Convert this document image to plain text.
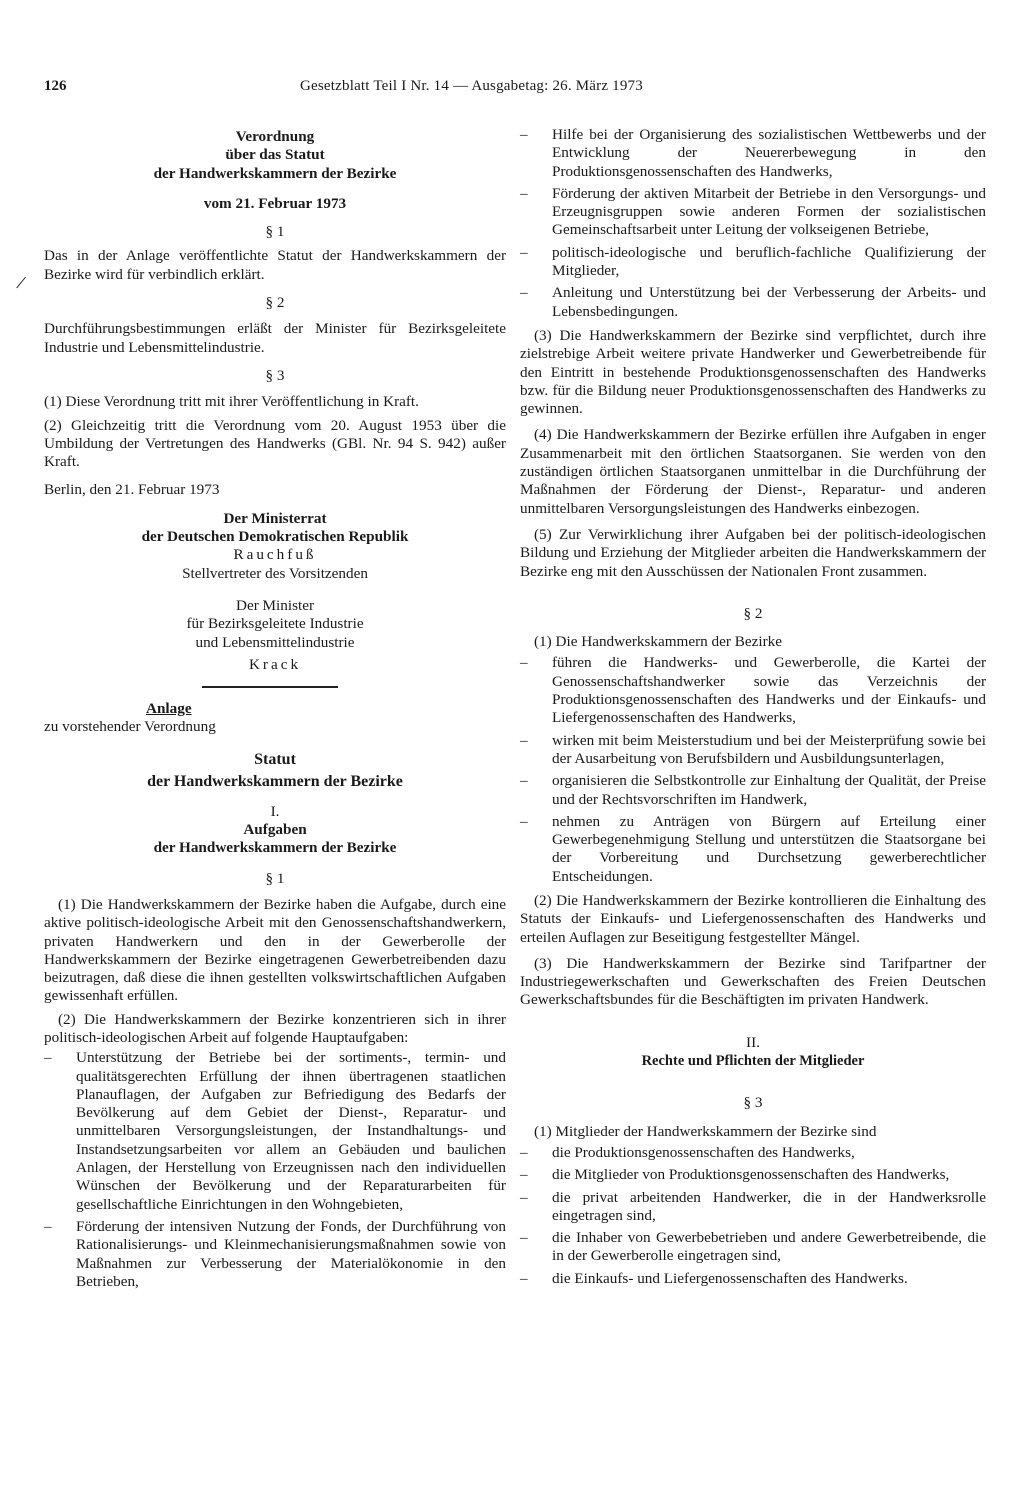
126	Gesetzblatt Teil I Nr. 14 — Ausgabetag: 26. März 1973
/
Verordnung
über das Statut
der Handwerkskammern der Bezirke
vom 21. Februar 1973
§ 1

Das in der Anlage veröffentlichte Statut der Handwerkskammern der Bezirke wird für verbindlich erklärt.

§ 2

Durchführungsbestimmungen erläßt der Minister für Bezirksgeleitete Industrie und Lebensmittelindustrie.

§ 3

(1) Diese Verordnung tritt mit ihrer Veröffentlichung in Kraft.

(2) Gleichzeitig tritt die Verordnung vom 20. August 1953 über die Umbildung der Vertretungen des Handwerks (GBl. Nr. 94 S. 942) außer Kraft.

Berlin, den 21. Februar 1973

Der Ministerrat
der Deutschen Demokratischen Republik
Rauchfuß
Stellvertreter des Vorsitzenden
Der Minister
für Bezirksgeleitete Industrie
und Lebensmittelindustrie
Krack
Anlage
zu vorstehender Verordnung
Statut
der Handwerkskammern der Bezirke
I.
Aufgaben
der Handwerkskammern der Bezirke
§ 1

(1) Die Handwerkskammern der Bezirke haben die Aufgabe, durch eine aktive politisch-ideologische Arbeit mit den Genossenschaftshandwerkern, privaten Handwerkern und den in der Gewerberolle der Handwerkskammern der Bezirke eingetragenen Gewerbetreibenden dazu beizutragen, daß diese die ihnen gestellten volkswirtschaftlichen Aufgaben gewissenhaft erfüllen.

(2) Die Handwerkskammern der Bezirke konzentrieren sich in ihrer politisch-ideologischen Arbeit auf folgende Hauptaufgaben:

– Unterstützung der Betriebe bei der sortiments-, termin- und qualitätsgerechten Erfüllung der ihnen übertragenen staatlichen Planauflagen, der Aufgaben zur Befriedigung des Bedarfs der Bevölkerung auf dem Gebiet der Dienst-, Reparatur- und unmittelbaren Versorgungsleistungen, der Instandhaltungs- und Instandsetzungsarbeiten vor allem an Gebäuden und baulichen Anlagen, der Herstellung von Erzeugnissen nach den individuellen Wünschen der Bevölkerung und der Reparaturarbeiten für gesellschaftliche Einrichtungen in den Wohngebieten,
– Förderung der intensiven Nutzung der Fonds, der Durchführung von Rationalisierungs- und Kleinmechanisierungsmaßnahmen sowie von Maßnahmen zur Verbesserung der Materialökonomie in den Betrieben,
– Hilfe bei der Organisierung des sozialistischen Wettbewerbs und der Entwicklung der Neuererbewegung in den Produktionsgenossenschaften des Handwerks,
– Förderung der aktiven Mitarbeit der Betriebe in den Versorgungs- und Erzeugnisgruppen sowie anderen Formen der sozialistischen Gemeinschaftsarbeit unter Leitung der volkseigenen Betriebe,
– politisch-ideologische und beruflich-fachliche Qualifizierung der Mitglieder,
– Anleitung und Unterstützung bei der Verbesserung der Arbeits- und Lebensbedingungen.

(3) Die Handwerkskammern der Bezirke sind verpflichtet, durch ihre zielstrebige Arbeit weitere private Handwerker und Gewerbetreibende für den Eintritt in bestehende Produktionsgenossenschaften des Handwerks bzw. für die Bildung neuer Produktionsgenossenschaften des Handwerks zu gewinnen.

(4) Die Handwerkskammern der Bezirke erfüllen ihre Aufgaben in enger Zusammenarbeit mit den örtlichen Staatsorganen. Sie werden von den zuständigen örtlichen Staatsorganen unmittelbar in die Durchführung der Maßnahmen der Förderung der Dienst-, Reparatur- und anderen unmittelbaren Versorgungsleistungen des Handwerks einbezogen.

(5) Zur Verwirklichung ihrer Aufgaben bei der politisch-ideologischen Bildung und Erziehung der Mitglieder arbeiten die Handwerkskammern der Bezirke eng mit den Ausschüssen der Nationalen Front zusammen.

§ 2

(1) Die Handwerkskammern der Bezirke

– führen die Handwerks- und Gewerberolle, die Kartei der Genossenschaftshandwerker sowie das Verzeichnis der Produktionsgenossenschaften des Handwerks und der Einkaufs- und Liefergenossenschaften des Handwerks,
– wirken mit beim Meisterstudium und bei der Meisterprüfung sowie bei der Ausarbeitung von Berufsbildern und Ausbildungsunterlagen,
– organisieren die Selbstkontrolle zur Einhaltung der Qualität, der Preise und der Rechtsvorschriften im Handwerk,
– nehmen zu Anträgen von Bürgern auf Erteilung einer Gewerbegenehmigung Stellung und unterstützen die Staatsorgane bei der Vorbereitung und Durchsetzung gewerberechtlicher Entscheidungen.

(2) Die Handwerkskammern der Bezirke kontrollieren die Einhaltung des Statuts der Einkaufs- und Liefergenossenschaften des Handwerks und erteilen Auflagen zur Beseitigung festgestellter Mängel.

(3) Die Handwerkskammern der Bezirke sind Tarifpartner der Industriegewerkschaften und Gewerkschaften des Freien Deutschen Gewerkschaftsbundes für die Beschäftigten im privaten Handwerk.

II.
Rechte und Pflichten der Mitglieder
§ 3

(1) Mitglieder der Handwerkskammern der Bezirke sind

– die Produktionsgenossenschaften des Handwerks,
– die Mitglieder von Produktionsgenossenschaften des Handwerks,
– die privat arbeitenden Handwerker, die in der Handwerksrolle eingetragen sind,
– die Inhaber von Gewerbebetrieben und andere Gewerbetreibende, die in der Gewerberolle eingetragen sind,
– die Einkaufs- und Liefergenossenschaften des Handwerks.
